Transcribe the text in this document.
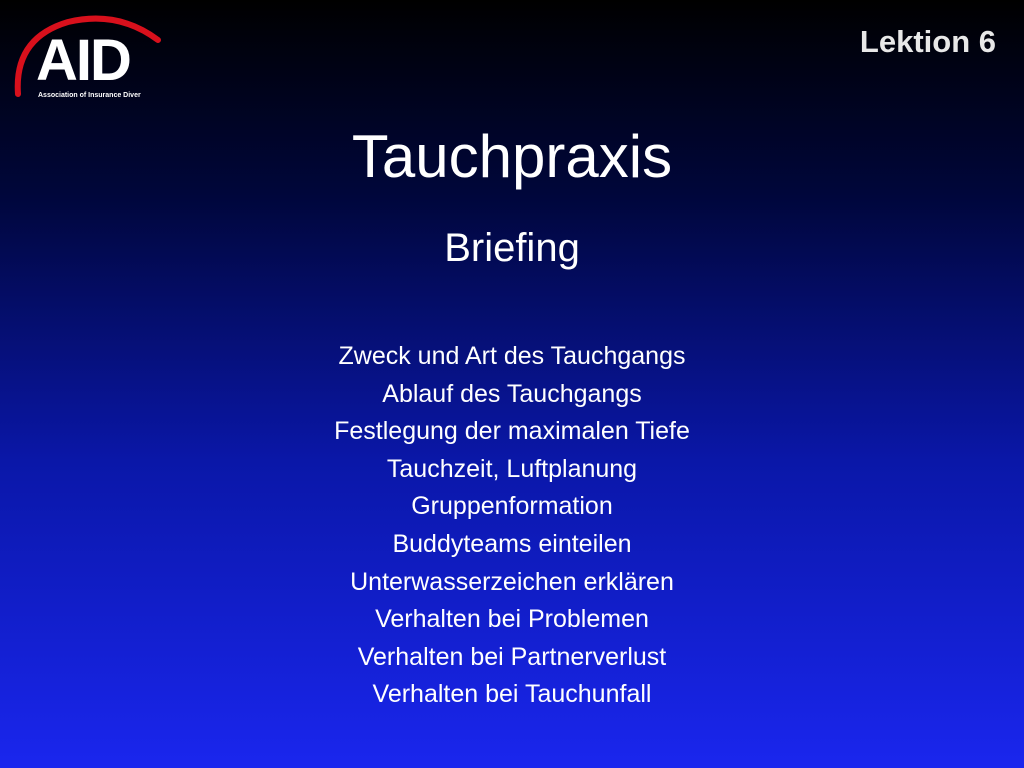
AID
Association of Insurance Diver
Lektion 6
Tauchpraxis
Briefing
Zweck und Art des Tauchgangs
Ablauf des Tauchgangs
Festlegung der maximalen Tiefe
Tauchzeit, Luftplanung
Gruppenformation
Buddyteams einteilen
Unterwasserzeichen erklären
Verhalten bei Problemen
Verhalten bei Partnerverlust
Verhalten bei Tauchunfall
